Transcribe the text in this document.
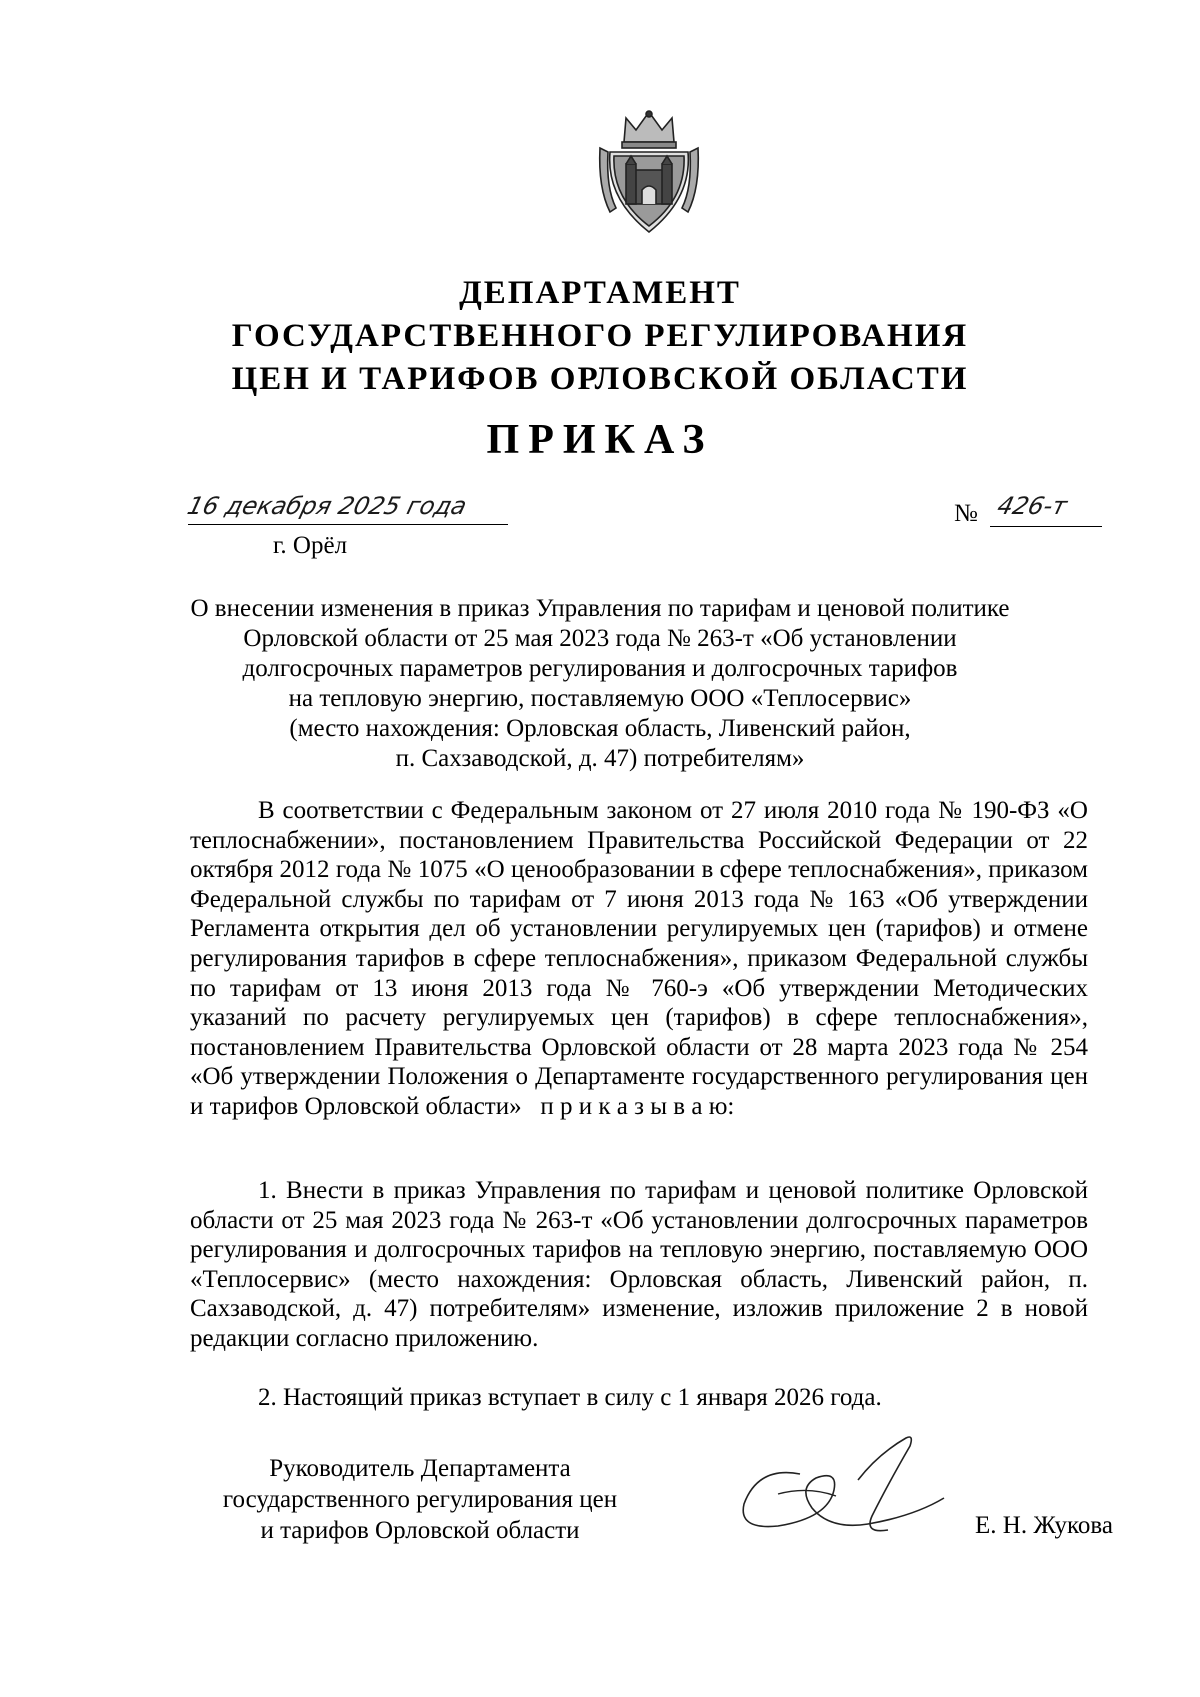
ДЕПАРТАМЕНТ
ГОСУДАРСТВЕННОГО РЕГУЛИРОВАНИЯ
ЦЕН И ТАРИФОВ ОРЛОВСКОЙ ОБЛАСТИ
ПРИКАЗ
16 декабря 2025 года	№ 426-т
г. Орёл
О внесении изменения в приказ Управления по тарифам и ценовой политике
Орловской области от 25 мая 2023 года № 263-т «Об установлении
долгосрочных параметров регулирования и долгосрочных тарифов
на тепловую энергию, поставляемую ООО «Теплосервис»
(место нахождения: Орловская область, Ливенский район,
п. Сахзаводской, д. 47) потребителям»
В соответствии с Федеральным законом от 27 июля 2010 года № 190-ФЗ «О теплоснабжении», постановлением Правительства Российской Федерации от 22 октября 2012 года № 1075 «О ценообразовании в сфере теплоснабжения», приказом Федеральной службы по тарифам от 7 июня 2013 года № 163 «Об утверждении Регламента открытия дел об установлении регулируемых цен (тарифов) и отмене регулирования тарифов в сфере теплоснабжения», приказом Федеральной службы по тарифам от 13 июня 2013 года № 760-э «Об утверждении Методических указаний по расчету регулируемых цен (тарифов) в сфере теплоснабжения», постановлением Правительства Орловской области от 28 марта 2023 года № 254 «Об утверждении Положения о Департаменте государственного регулирования цен и тарифов Орловской области» п р и к а з ы в а ю:
1. Внести в приказ Управления по тарифам и ценовой политике Орловской области от 25 мая 2023 года № 263-т «Об установлении долгосрочных параметров регулирования и долгосрочных тарифов на тепловую энергию, поставляемую ООО «Теплосервис» (место нахождения: Орловская область, Ливенский район, п. Сахзаводской, д. 47) потребителям» изменение, изложив приложение 2 в новой редакции согласно приложению.
2. Настоящий приказ вступает в силу с 1 января 2026 года.
Руководитель Департамента
государственного регулирования цен
и тарифов Орловской области	Е. Н. Жукова
